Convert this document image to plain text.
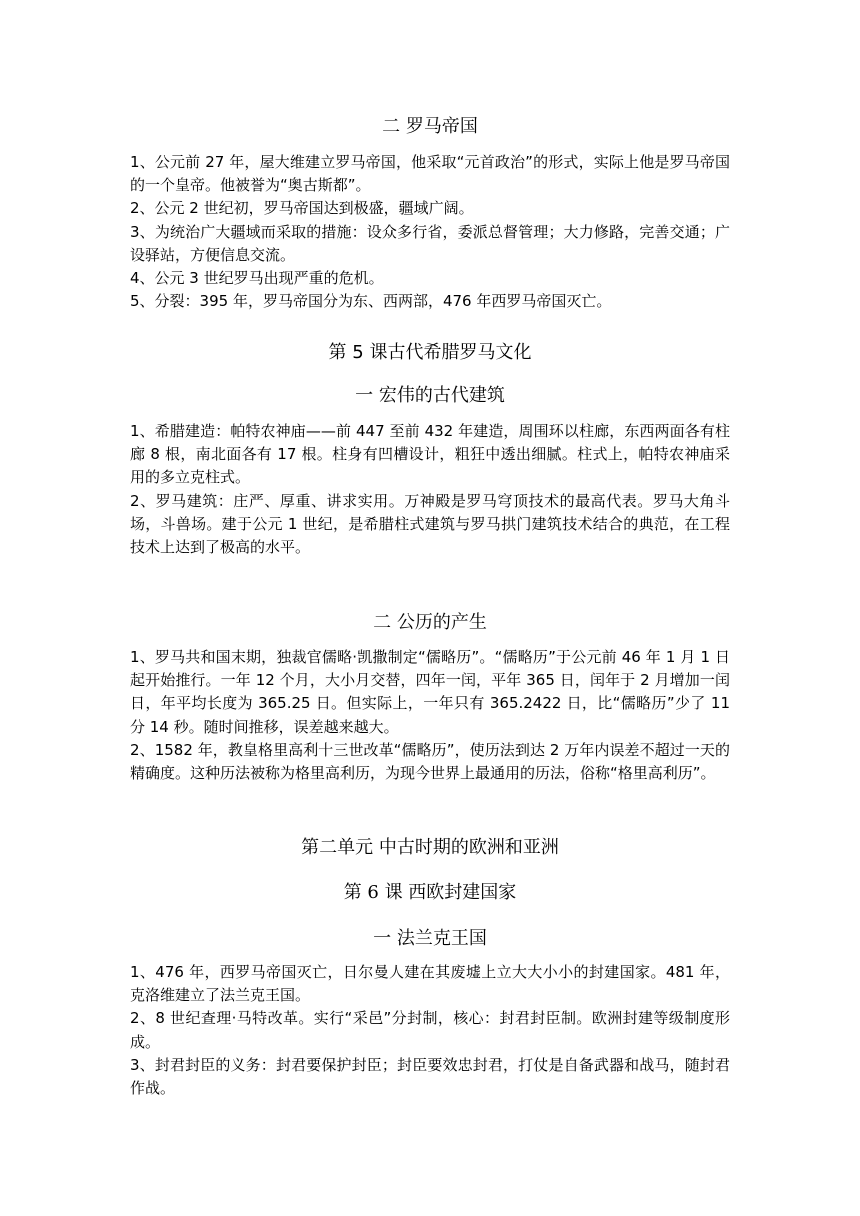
二 罗马帝国

1、公元前 27 年，屋大维建立罗马帝国，他采取“元首政治”的形式，实际上他是罗马帝国的一个皇帝。他被誉为“奥古斯都”。

2、公元 2 世纪初，罗马帝国达到极盛，疆域广阔。

3、为统治广大疆域而采取的措施：设众多行省，委派总督管理；大力修路，完善交通；广设驿站，方便信息交流。

4、公元 3 世纪罗马出现严重的危机。

5、分裂：395 年，罗马帝国分为东、西两部，476 年西罗马帝国灭亡。

第 5 课古代希腊罗马文化
一 宏伟的古代建筑

1、希腊建造：帕特农神庙——前 447 至前 432 年建造，周围环以柱廊，东西两面各有柱廊 8 根，南北面各有 17 根。柱身有凹槽设计，粗狂中透出细腻。柱式上，帕特农神庙采用的多立克柱式。

2、罗马建筑：庄严、厚重、讲求实用。万神殿是罗马穹顶技术的最高代表。罗马大角斗场，斗兽场。建于公元 1 世纪，是希腊柱式建筑与罗马拱门建筑技术结合的典范，在工程技术上达到了极高的水平。

二 公历的产生

1、罗马共和国末期，独裁官儒略·凯撒制定“儒略历”。“儒略历”于公元前 46 年 1 月 1 日起开始推行。一年 12 个月，大小月交替，四年一闰，平年 365 日，闰年于 2 月增加一闰日，年平均长度为 365.25 日。但实际上，一年只有 365.2422 日，比“儒略历”少了 11 分 14 秒。随时间推移，误差越来越大。

2、1582 年，教皇格里高利十三世改革“儒略历”，使历法到达 2 万年内误差不超过一天的精确度。这种历法被称为格里高利历，为现今世界上最通用的历法，俗称“格里高利历”。

第二单元 中古时期的欧洲和亚洲
第 6 课 西欧封建国家
一 法兰克王国

1、476 年，西罗马帝国灭亡，日尔曼人建在其废墟上立大大小小的封建国家。481 年，克洛维建立了法兰克王国。

2、8 世纪查理·马特改革。实行“采邑”分封制，核心：封君封臣制。欧洲封建等级制度形成。

3、封君封臣的义务：封君要保护封臣；封臣要效忠封君，打仗是自备武器和战马，随封君作战。
